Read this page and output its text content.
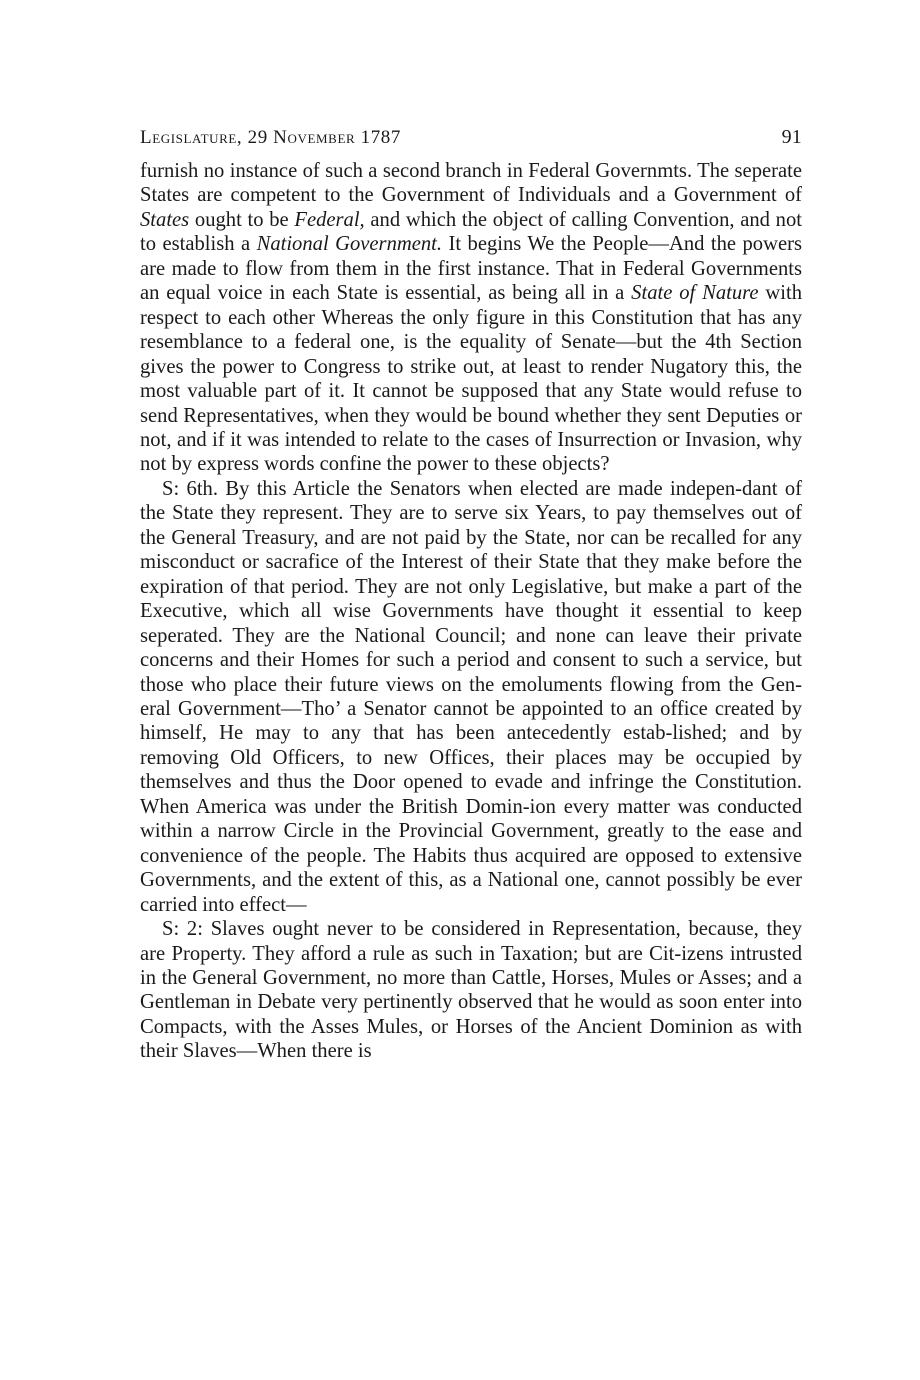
Legislature, 29 November 1787	91

furnish no instance of such a second branch in Federal Governmts. The seperate States are competent to the Government of Individuals and a Government of States ought to be Federal, and which the object of calling Convention, and not to establish a National Government. It begins We the People—And the powers are made to flow from them in the first instance. That in Federal Governments an equal voice in each State is essential, as being all in a State of Nature with respect to each other Whereas the only figure in this Constitution that has any resemblance to a federal one, is the equality of Senate—but the 4th Section gives the power to Congress to strike out, at least to render Nugatory this, the most valuable part of it. It cannot be supposed that any State would refuse to send Representatives, when they would be bound whether they sent Deputies or not, and if it was intended to relate to the cases of Insurrection or Invasion, why not by express words confine the power to these objects?

S: 6th. By this Article the Senators when elected are made indepen-dant of the State they represent. They are to serve six Years, to pay themselves out of the General Treasury, and are not paid by the State, nor can be recalled for any misconduct or sacrafice of the Interest of their State that they make before the expiration of that period. They are not only Legislative, but make a part of the Executive, which all wise Governments have thought it essential to keep seperated. They are the National Council; and none can leave their private concerns and their Homes for such a period and consent to such a service, but those who place their future views on the emoluments flowing from the Gen-eral Government—Tho’ a Senator cannot be appointed to an office created by himself, He may to any that has been antecedently estab-lished; and by removing Old Officers, to new Offices, their places may be occupied by themselves and thus the Door opened to evade and infringe the Constitution. When America was under the British Domin-ion every matter was conducted within a narrow Circle in the Provincial Government, greatly to the ease and convenience of the people. The Habits thus acquired are opposed to extensive Governments, and the extent of this, as a National one, cannot possibly be ever carried into effect—

S: 2: Slaves ought never to be considered in Representation, because, they are Property. They afford a rule as such in Taxation; but are Cit-izens intrusted in the General Government, no more than Cattle, Horses, Mules or Asses; and a Gentleman in Debate very pertinently observed that he would as soon enter into Compacts, with the Asses Mules, or Horses of the Ancient Dominion as with their Slaves—When there is
